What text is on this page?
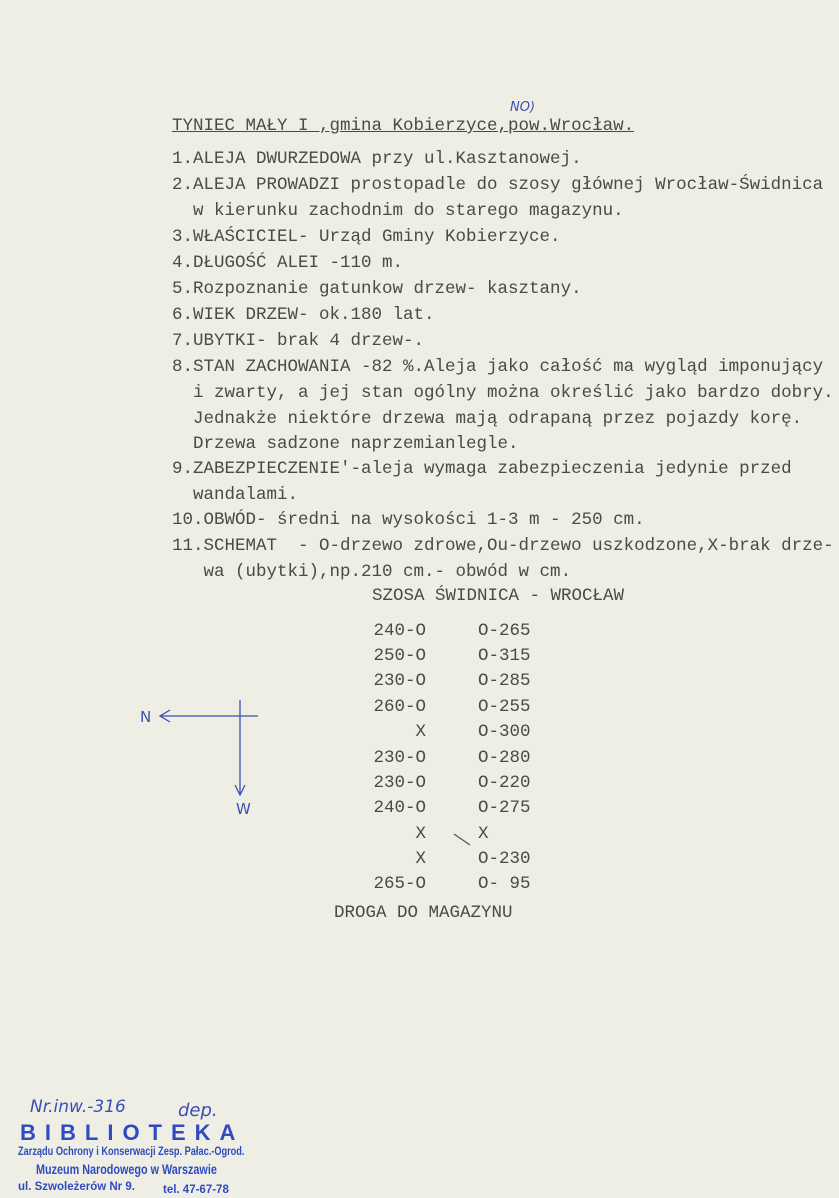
NO)
TYNIEC MAŁY I ,gmina Kobierzyce,pow.Wrocław.
1.ALEJA DWURZEDOWA przy ul.Kasztanowej.
2.ALEJA PROWADZI prostopadle do szosy głównej Wrocław-Świdnica
w kierunku zachodnim do starego magazynu.
3.WŁAŚCICIEL- Urząd Gminy Kobierzyce.
4.DŁUGOŚĆ ALEI -110 m.
5.Rozpoznanie gatunkow drzew- kasztany.
6.WIEK DRZEW- ok.180 lat.
7.UBYTKI- brak 4 drzew-.
8.STAN ZACHOWANIA -82 %.Aleja jako całość ma wygląd imponujący
i zwarty, a jej stan ogólny można określić jako bardzo dobry.
Jednakże niektóre drzewa mają odrapaną przez pojazdy korę.
Drzewa sadzone naprzemianlegle.
9.ZABEZPIECZENIE'-aleja wymaga zabezpieczenia jedynie przed
wandalami.
10.OBWÓD- średni na wysokości 1-3 m - 250 cm.
11.SCHEMAT  - O-drzewo zdrowe,Ou-drzewo uszkodzone,X-brak drze-
wa (ubytki),np.210 cm.- obwód w cm.
SZOSA ŚWIDNICA - WROCŁAW
240-O	O-265
250-O	O-315
230-O	O-285
260-O	O-255
X	O-300
230-O	O-280
230-O	O-220
240-O	O-275
X	X
X	O-230
265-O	O- 95
DROGA DO MAGAZYNU
N
W
Nr.inw.-316	dep.
BIBLIOTEKA
Zarządu Ochrony i Konserwacji Zesp. Pałac.-Ogrod.
Muzeum Narodowego w Warszawie
ul. Szwoleżerów Nr 9. tel. 47-67-78
